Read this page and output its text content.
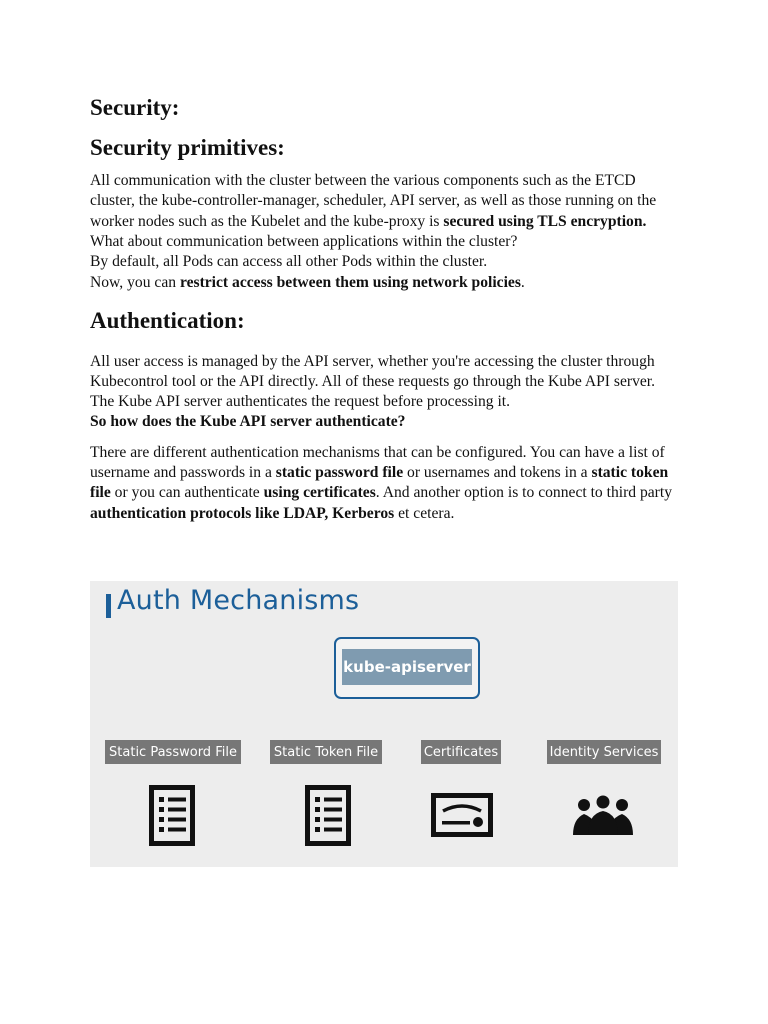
Security:
Security primitives:

All communication with the cluster between the various components such as the ETCD cluster, the kube-controller-manager, scheduler, API server, as well as those running on the worker nodes such as the Kubelet and the kube-proxy is secured using TLS encryption.
What about communication between applications within the cluster?
By default, all Pods can access all other Pods within the cluster.
Now, you can restrict access between them using network policies.

Authentication:

All user access is managed by the API server, whether you're accessing the cluster through Kubecontrol tool or the API directly. All of these requests go through the Kube API server. The Kube API server authenticates the request before processing it.
So how does the Kube API server authenticate?

There are different authentication mechanisms that can be configured. You can have a list of username and passwords in a static password file or usernames and tokens in a static token file or you can authenticate using certificates. And another option is to connect to third party authentication protocols like LDAP, Kerberos et cetera.

Auth Mechanisms
kube-apiserver
Static Password File	Static Token File	Certificates	Identity Services
